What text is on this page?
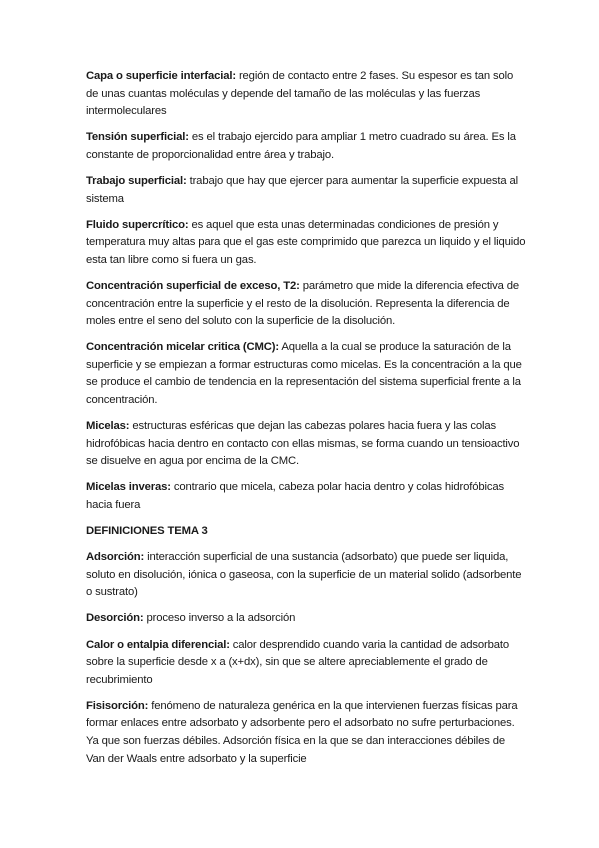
Capa o superficie interfacial: región de contacto entre 2 fases. Su espesor es tan solo de unas cuantas moléculas y depende del tamaño de las moléculas y las fuerzas intermoleculares

Tensión superficial: es el trabajo ejercido para ampliar 1 metro cuadrado su área. Es la constante de proporcionalidad entre área y trabajo.

Trabajo superficial: trabajo que hay que ejercer para aumentar la superficie expuesta al sistema

Fluido supercrítico: es aquel que esta unas determinadas condiciones de presión y temperatura muy altas para que el gas este comprimido que parezca un liquido y el liquido esta tan libre como si fuera un gas.

Concentración superficial de exceso, T2: parámetro que mide la diferencia efectiva de concentración entre la superficie y el resto de la disolución. Representa la diferencia de moles entre el seno del soluto con la superficie de la disolución.

Concentración micelar critica (CMC): Aquella a la cual se produce la saturación de la superficie y se empiezan a formar estructuras como micelas. Es la concentración a la que se produce el cambio de tendencia en la representación del sistema superficial frente a la concentración.

Micelas: estructuras esféricas que dejan las cabezas polares hacia fuera y las colas hidrofóbicas hacia dentro en contacto con ellas mismas, se forma cuando un tensioactivo se disuelve en agua por encima de la CMC.

Micelas inveras: contrario que micela, cabeza polar hacia dentro y colas hidrofóbicas hacia fuera

DEFINICIONES TEMA 3

Adsorción: interacción superficial de una sustancia (adsorbato) que puede ser liquida, soluto en disolución, iónica o gaseosa, con la superficie de un material solido (adsorbente o sustrato)

Desorción: proceso inverso a la adsorción

Calor o entalpia diferencial: calor desprendido cuando varia la cantidad de adsorbato sobre la superficie desde x a (x+dx), sin que se altere apreciablemente el grado de recubrimiento

Fisisorción: fenómeno de naturaleza genérica en la que intervienen fuerzas físicas para formar enlaces entre adsorbato y adsorbente pero el adsorbato no sufre perturbaciones. Ya que son fuerzas débiles. Adsorción física en la que se dan interacciones débiles de Van der Waals entre adsorbato y la superficie
